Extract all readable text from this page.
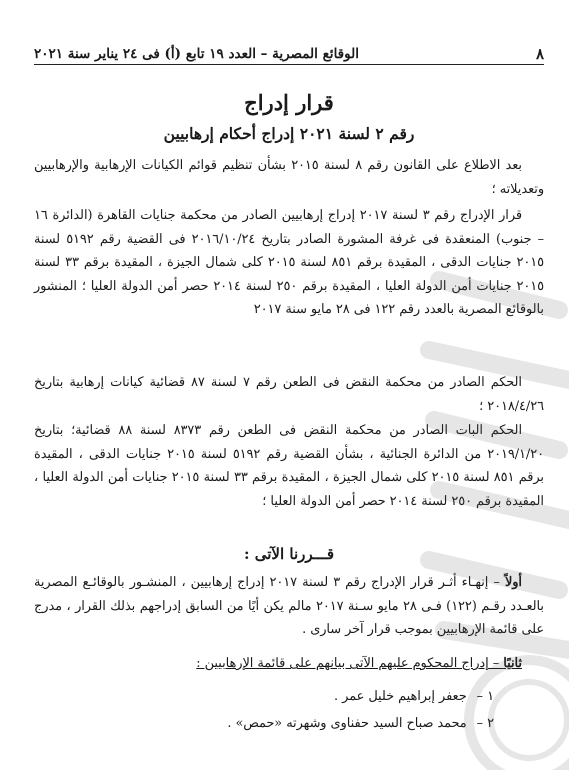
٨
الوقائع المصرية – العدد ١٩ تابع (أ) فى ٢٤ يناير سنة ٢٠٢١
قرار إدراج
رقم ٢ لسنة ٢٠٢١ إدراج أحكام إرهابيين

بعد الاطلاع على القانون رقم ٨ لسنة ٢٠١٥ بشأن تنظيم قوائم الكيانات الإرهابية والإرهابيين وتعديلاته ؛

قرار الإدراج رقم ٣ لسنة ٢٠١٧ إدراج إرهابيين الصادر من محكمة جنايات القاهرة (الدائرة ١٦ – جنوب) المنعقدة فى غرفة المشورة الصادر بتاريخ ٢٠١٦/١٠/٢٤ فى القضية رقم ٥١٩٢ لسنة ٢٠١٥ جنايات الدقى ، المقيدة برقم ٨٥١ لسنة ٢٠١٥ كلى شمال الجيزة ، المقيدة برقم ٣٣ لسنة ٢٠١٥ جنايات أمن الدولة العليا ، المقيدة برقم ٢٥٠ لسنة ٢٠١٤ حصر أمن الدولة العليا ؛ المنشور بالوقائع المصرية بالعدد رقم ١٢٢ فى ٢٨ مايو سنة ٢٠١٧

الحكم الصادر من محكمة النقض فى الطعن رقم ٧ لسنة ٨٧ قضائية كيانات إرهابية بتاريخ ٢٠١٨/٤/٢٦ ؛

الحكم البات الصادر من محكمة النقض فى الطعن رقم ٨٣٧٣ لسنة ٨٨ قضائية؛ بتاريخ ٢٠١٩/١/٢٠ من الدائرة الجنائية ، بشأن القضية رقم ٥١٩٢ لسنة ٢٠١٥ جنايات الدقى ، المقيدة برقم ٨٥١ لسنة ٢٠١٥ كلى شمال الجيزة ، المقيدة برقم ٣٣ لسنة ٢٠١٥ جنايات أمن الدولة العليا ، المقيدة برقم ٢٥٠ لسنة ٢٠١٤ حصر أمن الدولة العليا ؛

قـــررنا الآتى :

أولاً – إنهـاء أثـر قرار الإدراج رقم ٣ لسنة ٢٠١٧ إدراج إرهابيين ، المنشـور بالوقائـع المصرية بالعـدد رقـم (١٢٢) فـى ٢٨ مايو سـنة ٢٠١٧ مالم يكن أيًا من السابق إدراجهم بذلك القرار ، مدرج على قائمة الإرهابيين بموجب قرار آخر سارى .

ثانيًا – إدراج المحكوم عليهم الآتى بيانهم على قائمة الإرهابيين :

١ –
جعفر إبراهيم خليل عمر .
٢ –
محمد صباح السيد حفناوى وشهرته «حمص» .
